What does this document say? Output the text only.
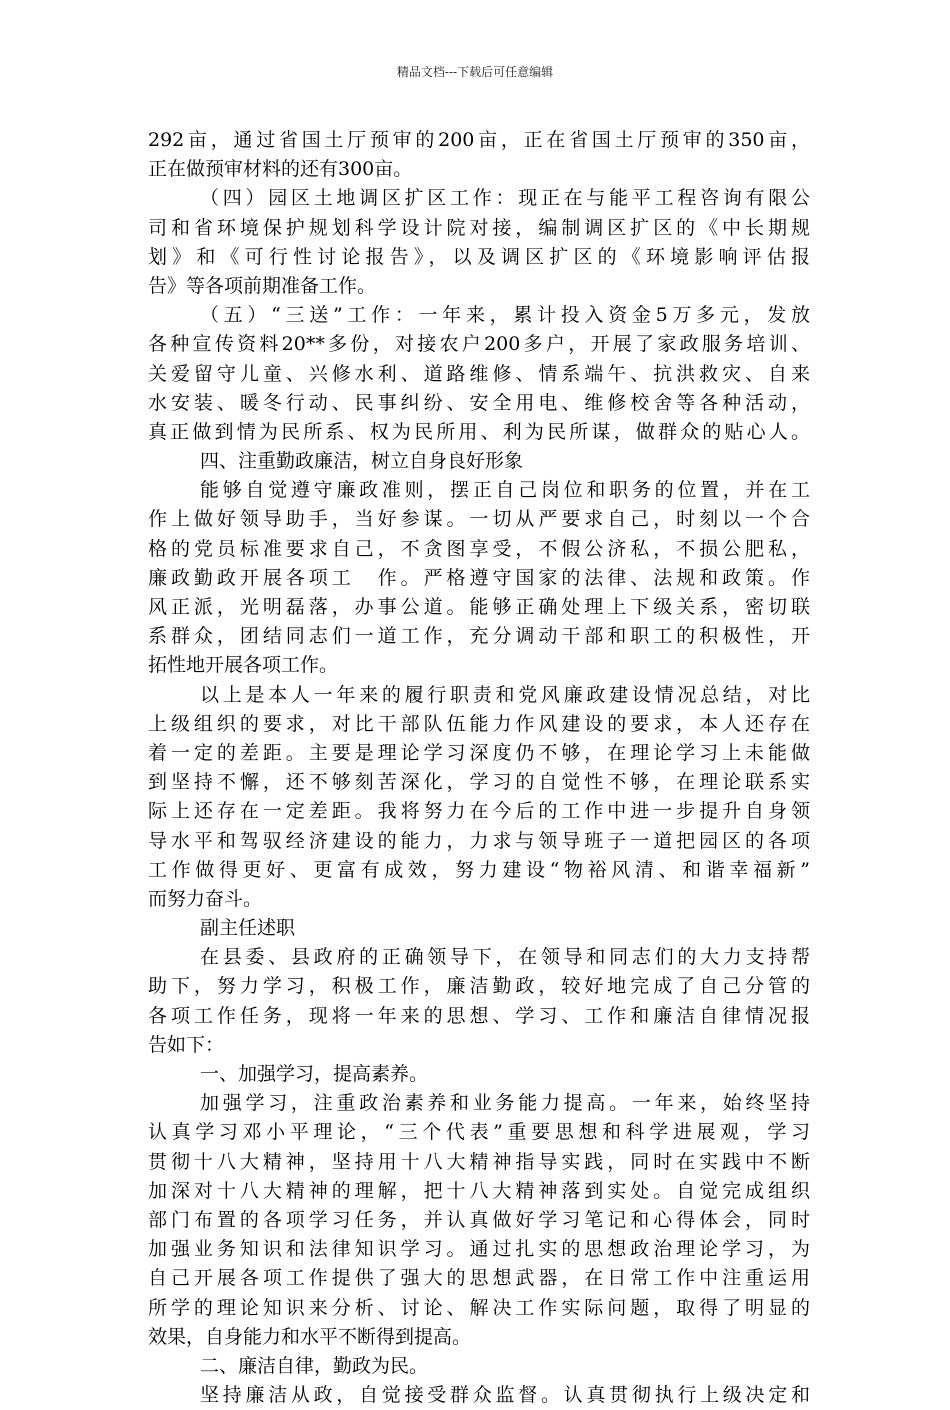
精品文档---下载后可任意编辑
292亩，通过省国土厅预审的200亩，正在省国土厅预审的350亩，
正在做预审材料的还有300亩。
（四）园区土地调区扩区工作：现正在与能平工程咨询有限公
司和省环境保护规划科学设计院对接，编制调区扩区的《中长期规
划》和《可行性讨论报告》，以及调区扩区的《环境影响评估报
告》等各项前期准备工作。
（五）“三送”工作：一年来，累计投入资金5万多元，发放
各种宣传资料20**多份，对接农户200多户，开展了家政服务培训、
关爱留守儿童、兴修水利、道路维修、情系端午、抗洪救灾、自来
水安装、暖冬行动、民事纠纷、安全用电、维修校舍等各种活动，
真正做到情为民所系、权为民所用、利为民所谋，做群众的贴心人。
四、注重勤政廉洁，树立自身良好形象
能够自觉遵守廉政准则，摆正自己岗位和职务的位置，并在工
作上做好领导助手，当好参谋。一切从严要求自己，时刻以一个合
格的党员标准要求自己，不贪图享受，不假公济私，不损公肥私，
廉政勤政开展各项工　作。严格遵守国家的法律、法规和政策。作
风正派，光明磊落，办事公道。能够正确处理上下级关系，密切联
系群众，团结同志们一道工作，充分调动干部和职工的积极性，开
拓性地开展各项工作。
以上是本人一年来的履行职责和党风廉政建设情况总结，对比
上级组织的要求，对比干部队伍能力作风建设的要求，本人还存在
着一定的差距。主要是理论学习深度仍不够，在理论学习上未能做
到坚持不懈，还不够刻苦深化，学习的自觉性不够，在理论联系实
际上还存在一定差距。我将努力在今后的工作中进一步提升自身领
导水平和驾驭经济建设的能力，力求与领导班子一道把园区的各项
工作做得更好、更富有成效，努力建设“物裕风清、和谐幸福新”
而努力奋斗。
副主任述职
在县委、县政府的正确领导下，在领导和同志们的大力支持帮
助下，努力学习，积极工作，廉洁勤政，较好地完成了自己分管的
各项工作任务，现将一年来的思想、学习、工作和廉洁自律情况报
告如下：
一、加强学习，提高素养。
加强学习，注重政治素养和业务能力提高。一年来，始终坚持
认真学习邓小平理论，“三个代表”重要思想和科学进展观，学习
贯彻十八大精神，坚持用十八大精神指导实践，同时在实践中不断
加深对十八大精神的理解，把十八大精神落到实处。自觉完成组织
部门布置的各项学习任务，并认真做好学习笔记和心得体会，同时
加强业务知识和法律知识学习。通过扎实的思想政治理论学习，为
自己开展各项工作提供了强大的思想武器，在日常工作中注重运用
所学的理论知识来分析、讨论、解决工作实际问题，取得了明显的
效果，自身能力和水平不断得到提高。
二、廉洁自律，勤政为民。
坚持廉洁从政，自觉接受群众监督。认真贯彻执行上级决定和
